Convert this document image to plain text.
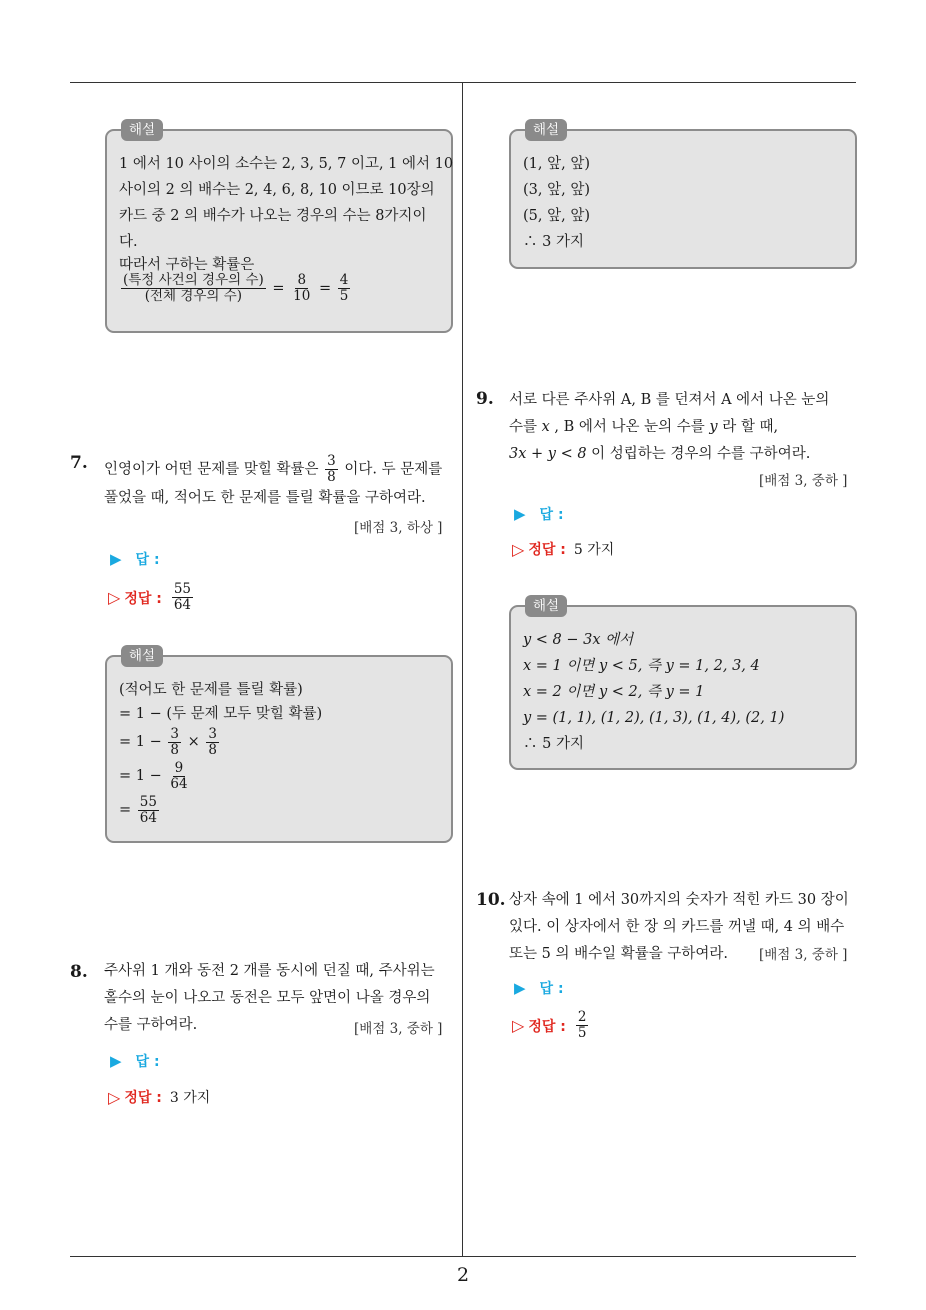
해설
1 에서 10 사이의 소수는 2, 3, 5, 7 이고, 1 에서 10
사이의 2 의 배수는 2, 4, 6, 8, 10 이므로 10장의
카드 중 2 의 배수가 나오는 경우의 수는 8가지이
다.
따라서 구하는 확률은
$\frac{\text{(특정 사건의 경우의 수)}}{\text{(전체 경우의 수)}} = \frac{8}{10} = \frac{4}{5}$
7. 인영이가 어떤 문제를 맞힐 확률은 $\frac{3}{8}$ 이다. 두 문제를
풀었을 때, 적어도 한 문제를 틀릴 확률을 구하여라.
[배점 3, 하상 ]
▶ 답 :
▷ 정답 : $\frac{55}{64}$
해설
(적어도 한 문제를 틀릴 확률)
= 1 − (두 문제 모두 맞힐 확률)
= $1 - \frac{3}{8} \times \frac{3}{8}$
= $1 - \frac{9}{64}$
= $\frac{55}{64}$
8. 주사위 1 개와 동전 2 개를 동시에 던질 때, 주사위는
홀수의 눈이 나오고 동전은 모두 앞면이 나올 경우의
수를 구하여라.	[배점 3, 중하 ]
▶ 답 :
▷ 정답 : 3 가지
해설
(1, 앞, 앞)
(3, 앞, 앞)
(5, 앞, 앞)
∴ 3 가지
9. 서로 다른 주사위 A, B 를 던져서 A 에서 나온 눈의
수를 x , B 에서 나온 눈의 수를 y 라 할 때,
3x + y < 8 이 성립하는 경우의 수를 구하여라.
[배점 3, 중하 ]
▶ 답 :
▷ 정답 : 5 가지
해설
y < 8 − 3x 에서
x = 1 이면 y < 5, 즉 y = 1, 2, 3, 4
x = 2 이면 y < 2, 즉 y = 1
y = (1, 1), (1, 2), (1, 3), (1, 4), (2, 1)
∴ 5 가지
10. 상자 속에 1 에서 30까지의 숫자가 적힌 카드 30 장이
있다. 이 상자에서 한 장 의 카드를 꺼낼 때, 4 의 배수
또는 5 의 배수일 확률을 구하여라.	[배점 3, 중하 ]
▶ 답 :
▷ 정답 : $\frac{2}{5}$
2
